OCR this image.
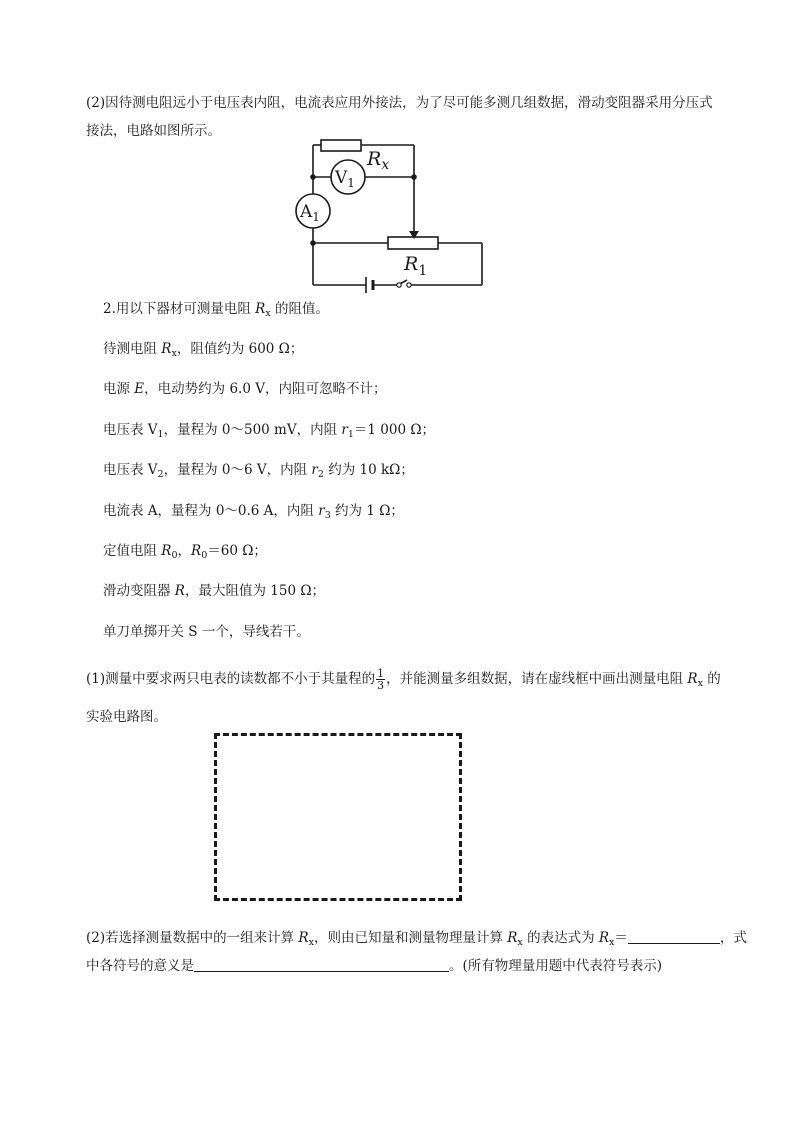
(2)因待测电阻远小于电压表内阻，电流表应用外接法，为了尽可能多测几组数据，滑动变阻器采用分压式
接法，电路如图所示。
$R_x$
$V_1$
$A_1$
$R_1$
2.用以下器材可测量电阻 $R_x$ 的阻值。
待测电阻 $R_x$，阻值约为 600 Ω；
电源 E，电动势约为 6.0 V，内阻可忽略不计；
电压表 $V_1$，量程为 0～500 mV，内阻 $r_1=1$ 000 Ω；
电压表 $V_2$，量程为 0～6 V，内阻 $r_2$ 约为 10 kΩ；
电流表 A，量程为 0～0.6 A，内阻 $r_3$ 约为 1 Ω；
定值电阻 $R_0$，$R_0=60$ Ω；
滑动变阻器 R，最大阻值为 150 Ω；
单刀单掷开关 S 一个，导线若干。
(1)测量中要求两只电表的读数都不小于其量程的 $\frac{1}{3}$ ，并能测量多组数据，请在虚线框中画出测量电阻 $R_x$ 的
实验电路图。
(2)若选择测量数据中的一组来计算 $R_x$，则由已知量和测量物理量计算 $R_x$ 的表达式为 $R_x=$	，式
中各符号的意义是	。(所有物理量用题中代表符号表示)
